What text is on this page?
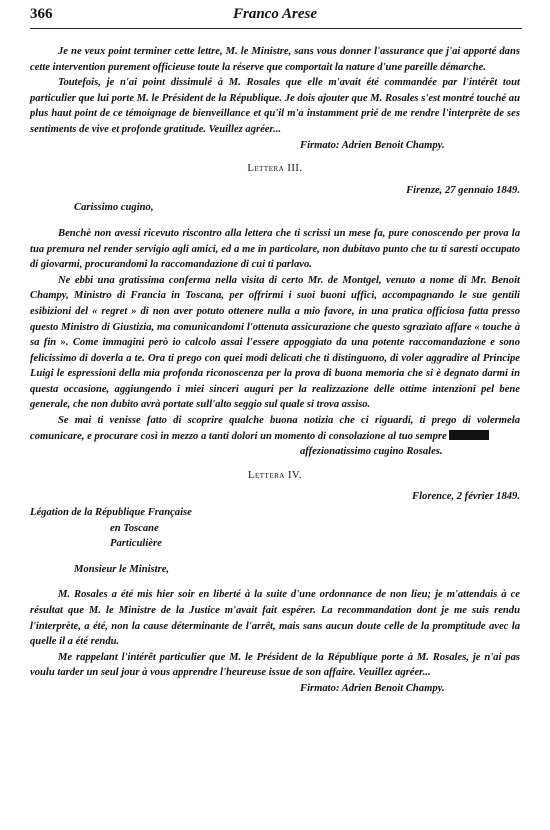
366	Franco Arese

Je ne veux point terminer cette lettre, M. le Ministre, sans vous donner l'assurance que j'ai apporté dans cette intervention purement officieuse toute la réserve que comportait la nature d'une pareille démarche.

Toutefois, je n'ai point dissimulé à M. Rosales que elle m'avait été commandée par l'intérêt tout particulier que lui porte M. le Président de la République. Je dois ajouter que M. Rosales s'est montré touché au plus haut point de ce témoignage de bienveillance et qu'il m'a instamment prié de me rendre l'interprète de ses sentiments de vive et profonde gratitude. Veuillez agréer...

Firmato: Adrien Benoit Champy.

Lettera III.

Firenze, 27 gennaio 1849.

Carissimo cugino,

Benchè non avessi ricevuto riscontro alla lettera che ti scrissi un mese fa, pure conoscendo per prova la tua premura nel render servigio agli amici, ed a me in particolare, non dubitavo punto che tu ti saresti occupato di giovarmi, procurandomi la raccomandazione di cui ti parlavo.

Ne ebbi una gratissima conferma nella visita di certo Mr. de Montgel, venuto a nome di Mr. Benoit Champy, Ministro di Francia in Toscana, per offrirmi i suoi buoni uffici, accompagnando le sue gentili esibizioni del « regret » di non aver potuto ottenere nulla a mio favore, in una pratica officiosa fatta presso questo Ministro di Giustizia, ma comunicandomi l'ottenuta assicurazione che questo sgraziato affare « touche à sa fin ». Come immagini però io calcolo assai l'essere appoggiato da una potente raccomandazione e sono felicissimo di doverla a te. Ora ti prego con quei modi delicati che ti distinguono, di voler aggradire al Principe Luigi le espressioni della mia profonda riconoscenza per la prova di buona memoria che si è degnato darmi in questa occasione, aggiungendo i miei sinceri auguri per la realizzazione delle ottime intenzioni pel bene generale, che non dubito avrà portate sull'alto seggio sul quale si trova assiso.

Se mai ti venisse fatto di scoprire qualche buona notizia che ci riguardi, ti prego di volermela comunicare, e procurare così in mezzo a tanti dolori un momento di consolazione al tuo sempre

affezionatissimo cugino Rosales.

Lettera IV.

Florence, 2 février 1849.

Légation de la République Française

en Toscane

Particulière

Monsieur le Ministre,

M. Rosales a été mis hier soir en liberté à la suite d'une ordonnance de non lieu; je m'attendais à ce résultat que M. le Ministre de la Justice m'avait fait espérer. La recommandation dont je me suis rendu l'interprète, a été, non la cause déterminante de l'arrêt, mais sans aucun doute celle de la promptitude avec la quelle il a été rendu.

Me rappelant l'intérêt particulier que M. le Président de la République porte à M. Rosales, je n'ai pas voulu tarder un seul jour à vous apprendre l'heureuse issue de son affaire. Veuillez agréer...

Firmato: Adrien Benoit Champy.
